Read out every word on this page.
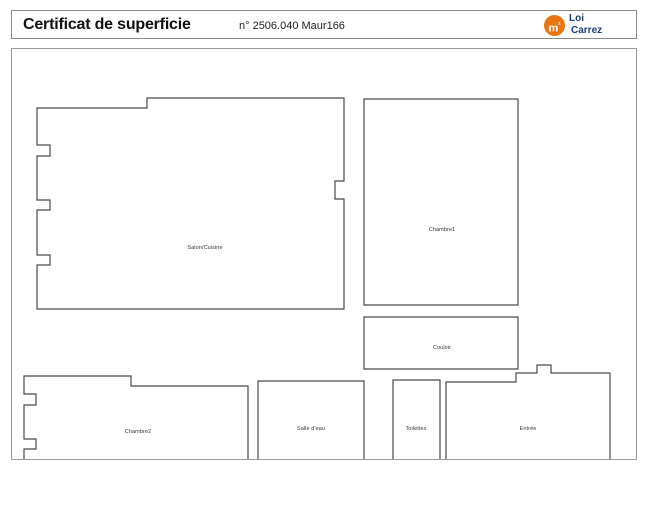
Certificat de superficie	n° 2506.040 Maur166	$m^{^2}$
Loi
Carrez
Salon/Cuisine
Chambre1
Couloir
Chambre2	Salle d'eau	Toilettes	Entrée
